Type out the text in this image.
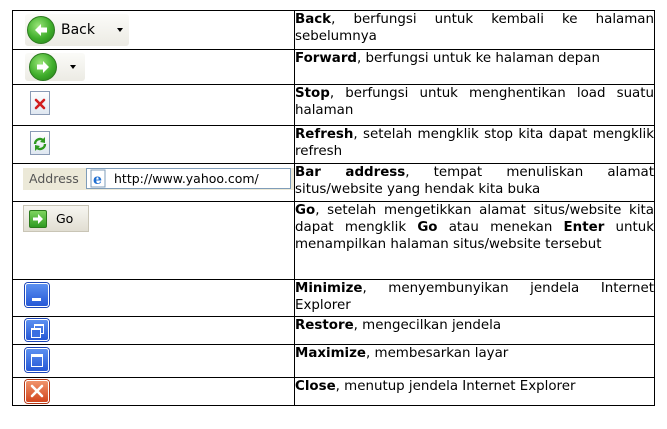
Back	Back, berfungsi untuk kembali ke halaman sebelumnya

	Forward, berfungsi untuk ke halaman depan

	Stop, berfungsi untuk menghentikan load suatu halaman

	Refresh, setelah mengklik stop kita dapat mengklik refresh

Address e http://www.yahoo.com/	Bar address, tempat menuliskan alamat situs/website yang hendak kita buka

Go	Go, setelah mengetikkan alamat situs/website kita dapat mengklik Go atau menekan Enter untuk menampilkan halaman situs/website tersebut

	Minimize, menyembunyikan jendela Internet Explorer

	Restore, mengecilkan jendela

	Maximize, membesarkan layar

	Close, menutup jendela Internet Explorer
